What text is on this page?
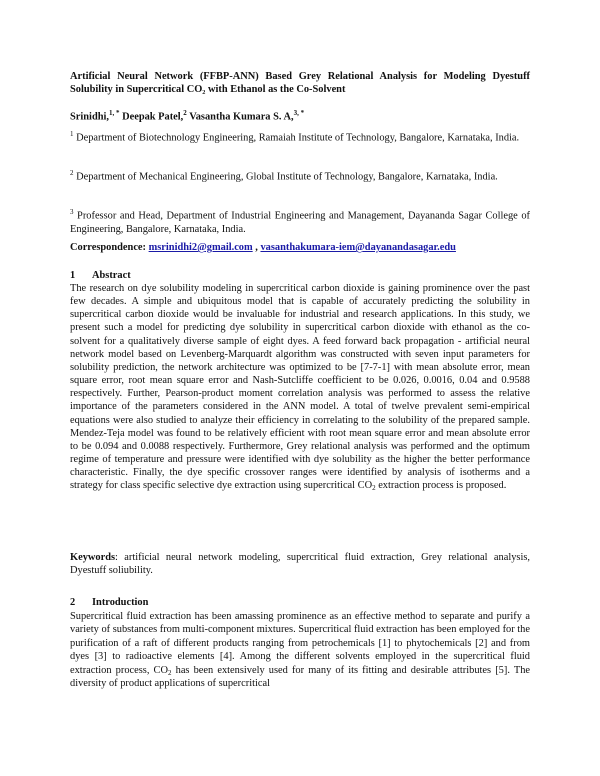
Artificial Neural Network (FFBP-ANN) Based Grey Relational Analysis for Modeling Dyestuff Solubility in Supercritical CO₂ with Ethanol as the Co-Solvent
Srinidhi,$^{1, *}$ Deepak Patel,$^2$ Vasantha Kumara S. A,$^{3, *}$
$^1$ Department of Biotechnology Engineering, Ramaiah Institute of Technology, Bangalore, Karnataka, India.
$^2$ Department of Mechanical Engineering, Global Institute of Technology, Bangalore, Karnataka, India.
$^3$ Professor and Head, Department of Industrial Engineering and Management, Dayananda Sagar College of Engineering, Bangalore, Karnataka, India.
Correspondence: msrinidhi2@gmail.com , vasanthakumara-iem@dayanandasagar.edu
1 Abstract

The research on dye solubility modeling in supercritical carbon dioxide is gaining prominence over the past few decades. A simple and ubiquitous model that is capable of accurately predicting the solubility in supercritical carbon dioxide would be invaluable for industrial and research applications. In this study, we present such a model for predicting dye solubility in supercritical carbon dioxide with ethanol as the co-solvent for a qualitatively diverse sample of eight dyes. A feed forward back propagation - artificial neural network model based on Levenberg-Marquardt algorithm was constructed with seven input parameters for solubility prediction, the network architecture was optimized to be [7-7-1] with mean absolute error, mean square error, root mean square error and Nash-Sutcliffe coefficient to be 0.026, 0.0016, 0.04 and 0.9588 respectively. Further, Pearson-product moment correlation analysis was performed to assess the relative importance of the parameters considered in the ANN model. A total of twelve prevalent semi-empirical equations were also studied to analyze their efficiency in correlating to the solubility of the prepared sample. Mendez-Teja model was found to be relatively efficient with root mean square error and mean absolute error to be 0.094 and 0.0088 respectively. Furthermore, Grey relational analysis was performed and the optimum regime of temperature and pressure were identified with dye solubility as the higher the better performance characteristic. Finally, the dye specific crossover ranges were identified by analysis of isotherms and a strategy for class specific selective dye extraction using supercritical $CO_2$ extraction process is proposed.

Keywords: artificial neural network modeling, supercritical fluid extraction, Grey relational analysis, Dyestuff soliubility.

2 Introduction

Supercritical fluid extraction has been amassing prominence as an effective method to separate and purify a variety of substances from multi-component mixtures. Supercritical fluid extraction has been employed for the purification of a raft of different products ranging from petrochemicals [1] to phytochemicals [2] and from dyes [3] to radioactive elements [4]. Among the different solvents employed in the supercritical fluid extraction process, $CO_2$ has been extensively used for many of its fitting and desirable attributes [5]. The diversity of product applications of supercritical
